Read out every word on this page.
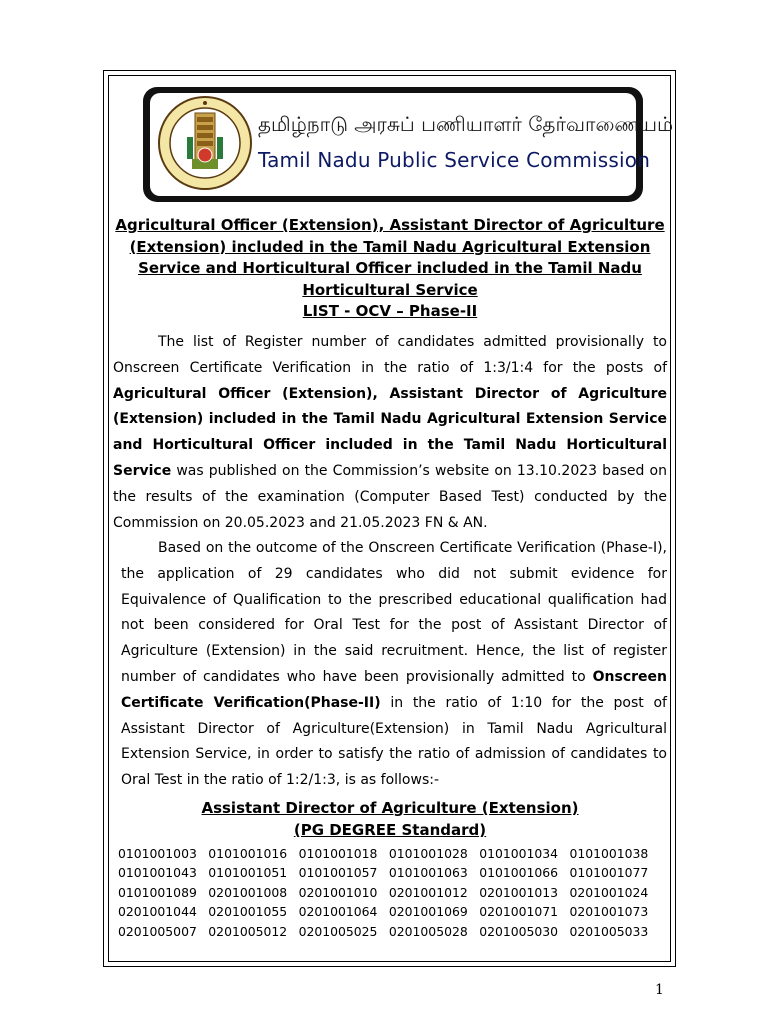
தமிழ்நாடு அரசுப் பணியாளர் தேர்வாணையம்
Tamil Nadu Public Service Commission
Agricultural Officer (Extension), Assistant Director of Agriculture
(Extension) included in the Tamil Nadu Agricultural Extension
Service and Horticultural Officer included in the Tamil Nadu
Horticultural Service
LIST - OCV – Phase-II
The list of Register number of candidates admitted provisionally to Onscreen Certificate Verification in the ratio of 1:3/1:4 for the posts of Agricultural Officer (Extension), Assistant Director of Agriculture (Extension) included in the Tamil Nadu Agricultural Extension Service and Horticultural Officer included in the Tamil Nadu Horticultural Service was published on the Commission’s website on 13.10.2023 based on the results of the examination (Computer Based Test) conducted by the Commission on 20.05.2023 and 21.05.2023 FN & AN.
Based on the outcome of the Onscreen Certificate Verification (Phase-I), the application of 29 candidates who did not submit evidence for Equivalence of Qualification to the prescribed educational qualification had not been considered for Oral Test for the post of Assistant Director of Agriculture (Extension) in the said recruitment. Hence, the list of register number of candidates who have been provisionally admitted to Onscreen Certificate Verification(Phase-II) in the ratio of 1:10 for the post of Assistant Director of Agriculture(Extension) in Tamil Nadu Agricultural Extension Service, in order to satisfy the ratio of admission of candidates to Oral Test in the ratio of 1:2/1:3, is as follows:-
Assistant Director of Agriculture (Extension)
(PG DEGREE Standard)
0101001003 0101001016 0101001018 0101001028 0101001034 0101001038
0101001043 0101001051 0101001057 0101001063 0101001066 0101001077
0101001089 0201001008 0201001010 0201001012 0201001013 0201001024
0201001044 0201001055 0201001064 0201001069 0201001071 0201001073
0201005007 0201005012 0201005025 0201005028 0201005030 0201005033
1
